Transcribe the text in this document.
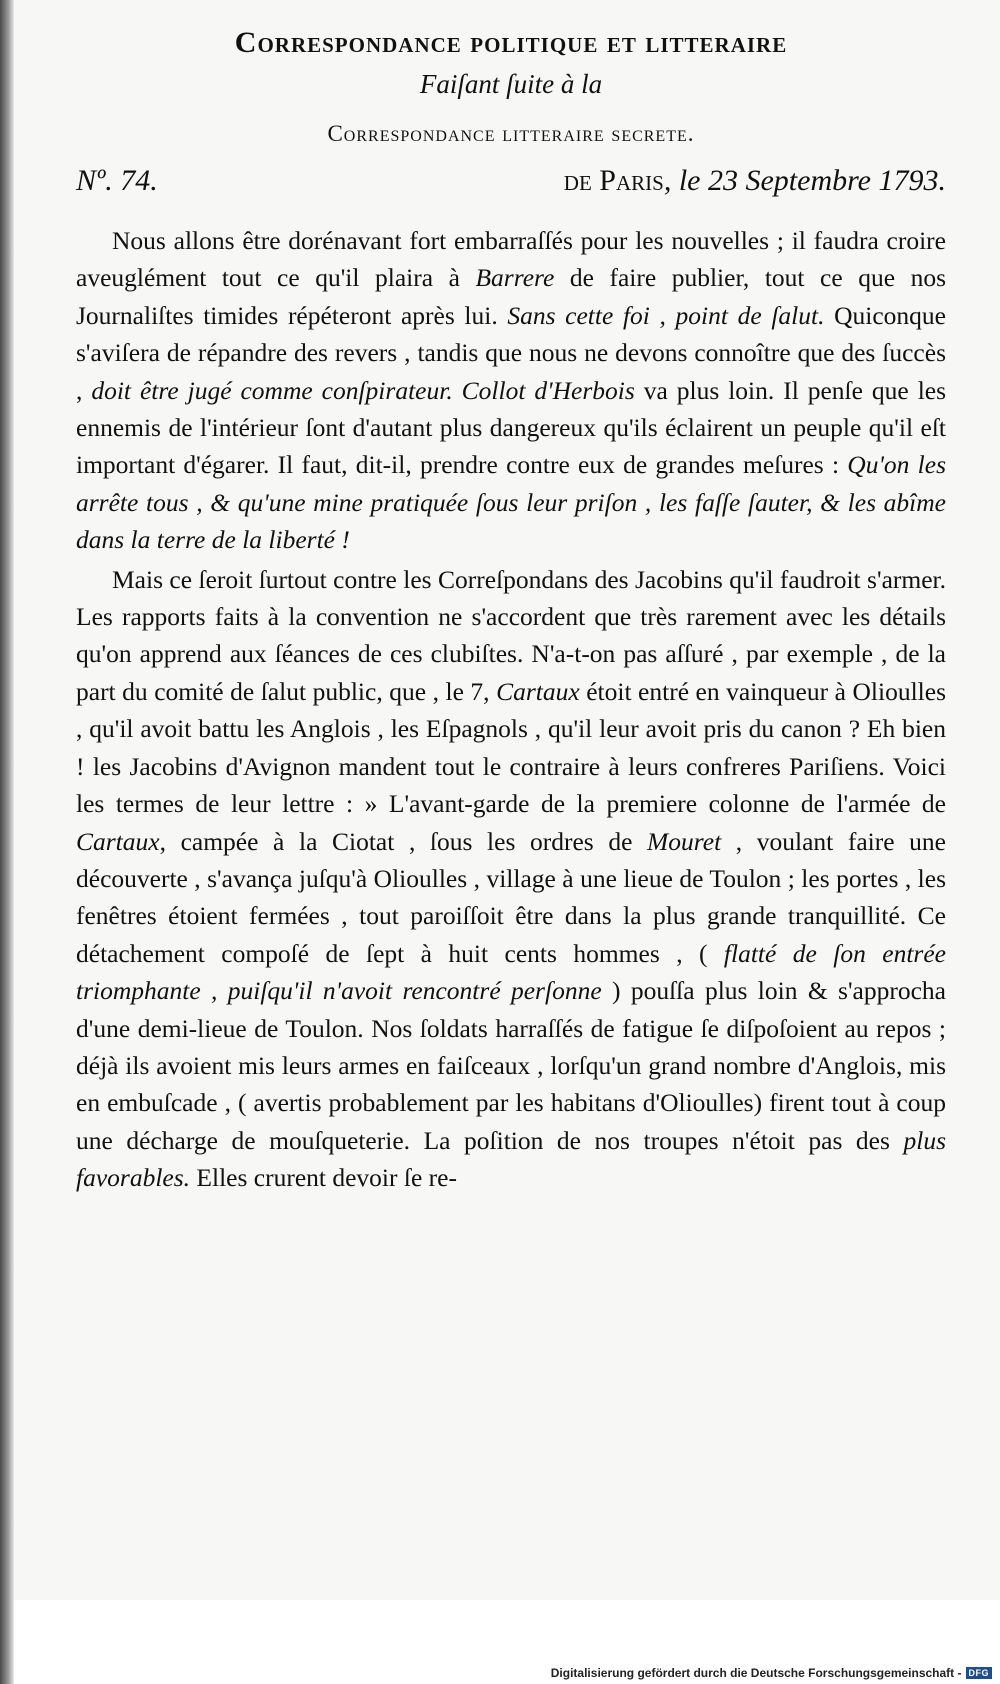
Correspondance politique et litteraire

Faiſant ſuite à la

Correspondance litteraire secrete.

Nº. 74.	de Paris, le 23 Septembre 1793.

Nous allons être dorénavant fort embarraſſés pour les nouvelles ; il faudra croire aveuglément tout ce qu'il plaira à Barrere de faire publier, tout ce que nos Journaliſtes timides répéteront après lui. Sans cette foi , point de ſalut. Quiconque s'aviſera de répandre des revers , tandis que nous ne devons connoître que des ſuccès , doit être jugé comme conſpirateur. Collot d'Herbois va plus loin. Il penſe que les ennemis de l'intérieur ſont d'autant plus dangereux qu'ils éclairent un peuple qu'il eſt important d'égarer. Il faut, dit-il, prendre contre eux de grandes meſures : Qu'on les arrête tous , & qu'une mine pratiquée ſous leur priſon , les faſſe ſauter, & les abîme dans la terre de la liberté !

Mais ce ſeroit ſurtout contre les Correſpondans des Jacobins qu'il faudroit s'armer. Les rapports faits à la convention ne s'accordent que très rarement avec les détails qu'on apprend aux ſéances de ces clubiſtes. N'a-t-on pas aſſuré , par exemple , de la part du comité de ſalut public, que , le 7, Cartaux étoit entré en vainqueur à Olioulles , qu'il avoit battu les Anglois , les Eſpagnols , qu'il leur avoit pris du canon ? Eh bien ! les Jacobins d'Avignon mandent tout le contraire à leurs confreres Pariſiens. Voici les termes de leur lettre : » L'avant-garde de la premiere colonne de l'armée de Cartaux, campée à la Ciotat , ſous les ordres de Mouret , voulant faire une découverte , s'avança juſqu'à Olioulles , village à une lieue de Toulon ; les portes , les fenêtres étoient fermées , tout paroiſſoit être dans la plus grande tranquillité. Ce détachement compoſé de ſept à huit cents hommes , ( flatté de ſon entrée triomphante , puiſqu'il n'avoit rencontré perſonne ) pouſſa plus loin & s'approcha d'une demi-lieue de Toulon. Nos ſoldats harraſſés de fatigue ſe diſpoſoient au repos ; déjà ils avoient mis leurs armes en faiſceaux , lorſqu'un grand nombre d'Anglois, mis en embuſcade , ( avertis probablement par les habitans d'Olioulles) firent tout à coup une décharge de mouſqueterie. La poſition de nos troupes n'étoit pas des plus favorables. Elles crurent devoir ſe re-

Digitalisierung gefördert durch die Deutsche Forschungsgemeinschaft - DFG
